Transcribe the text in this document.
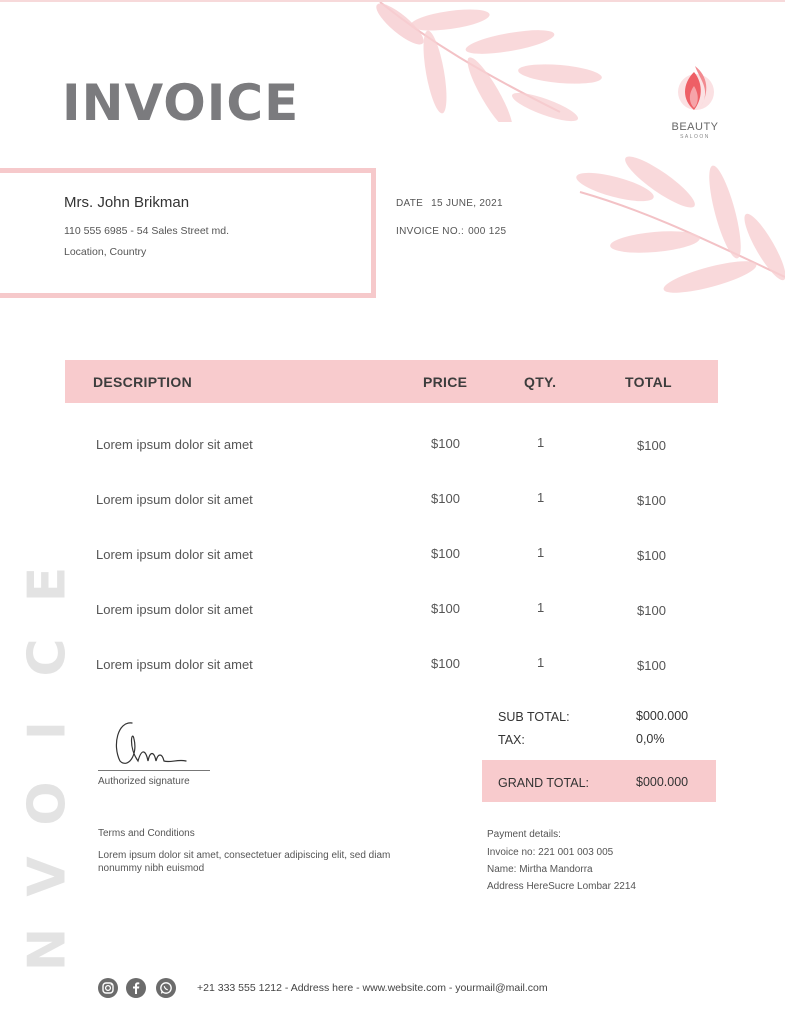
INVOICE	BEAUTY
SALOON
Mrs. John Brikman
110 555 6985 - 54 Sales Street md.
Location, Country
DATE 15 JUNE, 2021
INVOICE NO.: 000 125
DESCRIPTION	PRICE	QTY.	TOTAL
Lorem ipsum dolor sit amet	$100	1	$100
Lorem ipsum dolor sit amet	$100	1	$100
Lorem ipsum dolor sit amet	$100	1	$100
Lorem ipsum dolor sit amet	$100	1	$100
Lorem ipsum dolor sit amet	$100	1	$100
Authorized signature
SUB TOTAL:	$000.000
TAX:	0,0%
GRAND TOTAL:	$000.000
Terms and Conditions
Lorem ipsum dolor sit amet, consectetuer adipiscing elit, sed diam nonummy nibh euismod
Payment details:
Invoice no: 221 001 003 005
Name: Mirtha Mandorra
Address HereSucre Lombar 2214
E
C
I
O
V
N
+21 333 555 1212 - Address here - www.website.com - yourmail@mail.com
